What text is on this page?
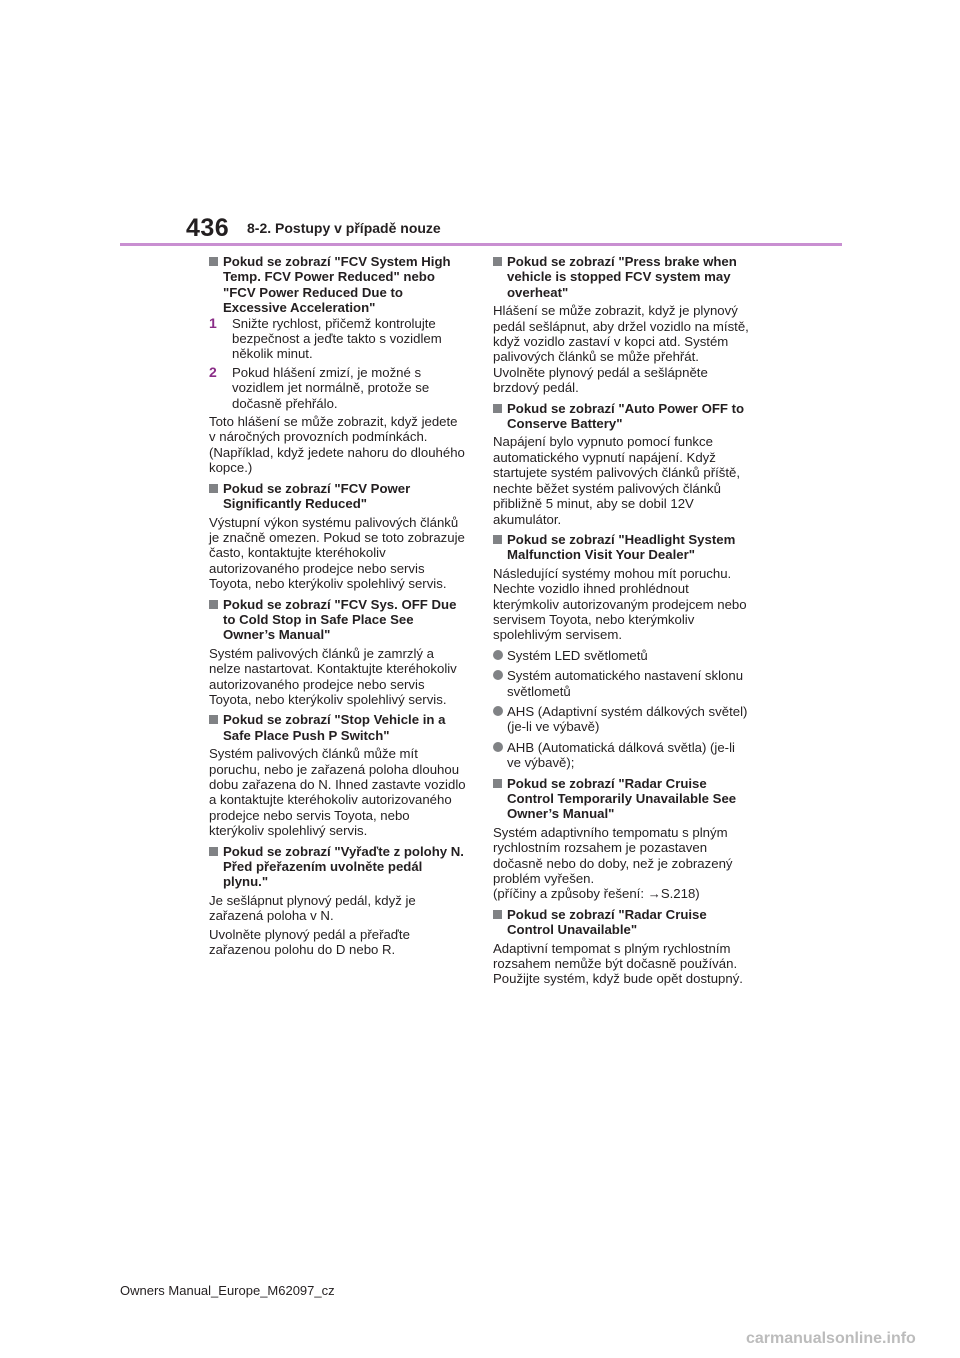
436 8-2. Postupy v případě nouze
Pokud se zobrazí "FCV System High Temp. FCV Power Reduced" nebo "FCV Power Reduced Due to Excessive Acceleration"
1	Snižte rychlost, přičemž kontrolujte bezpečnost a jeďte takto s vozidlem několik minut.
2	Pokud hlášení zmizí, je možné s vozidlem jet normálně, protože se dočasně přehřálo.
Toto hlášení se může zobrazit, když jedete v náročných provozních podmínkách. (Například, když jedete nahoru do dlouhého kopce.)
Pokud se zobrazí "FCV Power Significantly Reduced"
Výstupní výkon systému palivových článků je značně omezen. Pokud se toto zobrazuje často, kontaktujte kteréhokoliv autorizovaného prodejce nebo servis Toyota, nebo kterýkoliv spolehlivý servis.
Pokud se zobrazí "FCV Sys. OFF Due to Cold Stop in Safe Place See Owner’s Manual"
Systém palivových článků je zamrzlý a nelze nastartovat. Kontaktujte kteréhokoliv autorizovaného prodejce nebo servis Toyota, nebo kterýkoliv spolehlivý servis.
Pokud se zobrazí "Stop Vehicle in a Safe Place Push P Switch"
Systém palivových článků může mít poruchu, nebo je zařazená poloha dlouhou dobu zařazena do N. Ihned zastavte vozidlo a kontaktujte kteréhokoliv autorizovaného prodejce nebo servis Toyota, nebo kterýkoliv spolehlivý servis.
Pokud se zobrazí "Vyřaďte z polohy N. Před přeřazením uvolněte pedál plynu."
Je sešlápnut plynový pedál, když je zařazená poloha v N.
Uvolněte plynový pedál a přeřaďte zařazenou polohu do D nebo R.
Pokud se zobrazí "Press brake when vehicle is stopped FCV system may overheat"
Hlášení se může zobrazit, když je plynový pedál sešlápnut, aby držel vozidlo na místě, když vozidlo zastaví v kopci atd. Systém palivových článků se může přehřát. Uvolněte plynový pedál a sešlápněte brzdový pedál.
Pokud se zobrazí "Auto Power OFF to Conserve Battery"
Napájení bylo vypnuto pomocí funkce automatického vypnutí napájení. Když startujete systém palivových článků příště, nechte běžet systém palivových článků přibližně 5 minut, aby se dobil 12V akumulátor.
Pokud se zobrazí "Headlight System Malfunction Visit Your Dealer"
Následující systémy mohou mít poruchu. Nechte vozidlo ihned prohlédnout kterýmkoliv autorizovaným prodejcem nebo servisem Toyota, nebo kterýmkoliv spolehlivým servisem.
Systém LED světlometů
Systém automatického nastavení sklonu světlometů
AHS (Adaptivní systém dálkových světel) (je-li ve výbavě)
AHB (Automatická dálková světla) (je-li ve výbavě);
Pokud se zobrazí "Radar Cruise Control Temporarily Unavailable See Owner’s Manual"
Systém adaptivního tempomatu s plným rychlostním rozsahem je pozastaven dočasně nebo do doby, než je zobrazený problém vyřešen.
(příčiny a způsoby řešení: →S.218)
Pokud se zobrazí "Radar Cruise Control Unavailable"
Adaptivní tempomat s plným rychlostním rozsahem nemůže být dočasně používán. Použijte systém, když bude opět dostupný.
Owners Manual_Europe_M62097_cz
carmanualsonline.info
